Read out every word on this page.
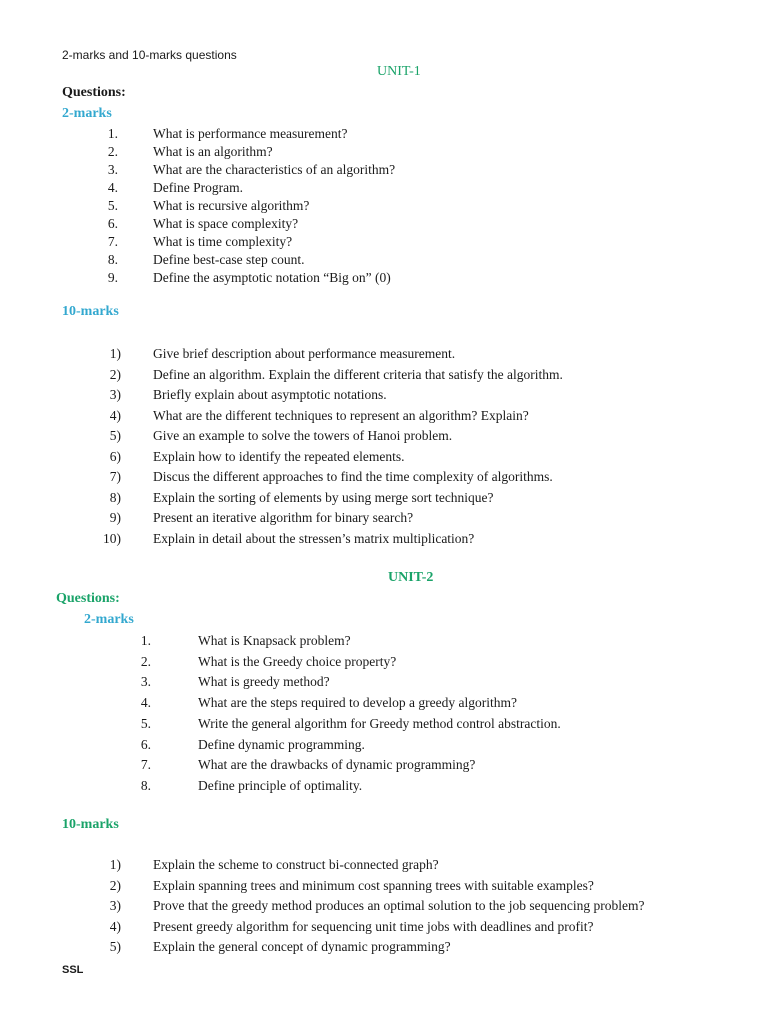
2-marks and 10-marks questions
UNIT-1
Questions:
2-marks
1.	What is performance measurement?
2.	What is an algorithm?
3.	What are the characteristics of an algorithm?
4.	Define Program.
5.	What is recursive algorithm?
6.	What is space complexity?
7.	What is time complexity?
8.	Define best-case step count.
9.	Define the asymptotic notation “Big on” (0)
10-marks
1) Give brief description about performance measurement.
2) Define an algorithm. Explain the different criteria that satisfy the algorithm.
3) Briefly explain about asymptotic notations.
4) What are the different techniques to represent an algorithm? Explain?
5) Give an example to solve the towers of Hanoi problem.
6) Explain how to identify the repeated elements.
7) Discus the different approaches to find the time complexity of algorithms.
8) Explain the sorting of elements by using merge sort technique?
9) Present an iterative algorithm for binary search?
10) Explain in detail about the stressen’s matrix multiplication?
UNIT-2
Questions:
2-marks
1.	What is Knapsack problem?
2.	What is the Greedy choice property?
3.	What is greedy method?
4.	What are the steps required to develop a greedy algorithm?
5.	Write the general algorithm for Greedy method control abstraction.
6.	Define dynamic programming.
7.	What are the drawbacks of dynamic programming?
8.	Define principle of optimality.
10-marks
1) Explain the scheme to construct bi-connected graph?
2) Explain spanning trees and minimum cost spanning trees with suitable examples?
3) Prove that the greedy method produces an optimal solution to the job sequencing problem?
4) Present greedy algorithm for sequencing unit time jobs with deadlines and profit?
5) Explain the general concept of dynamic programming?
SSL
